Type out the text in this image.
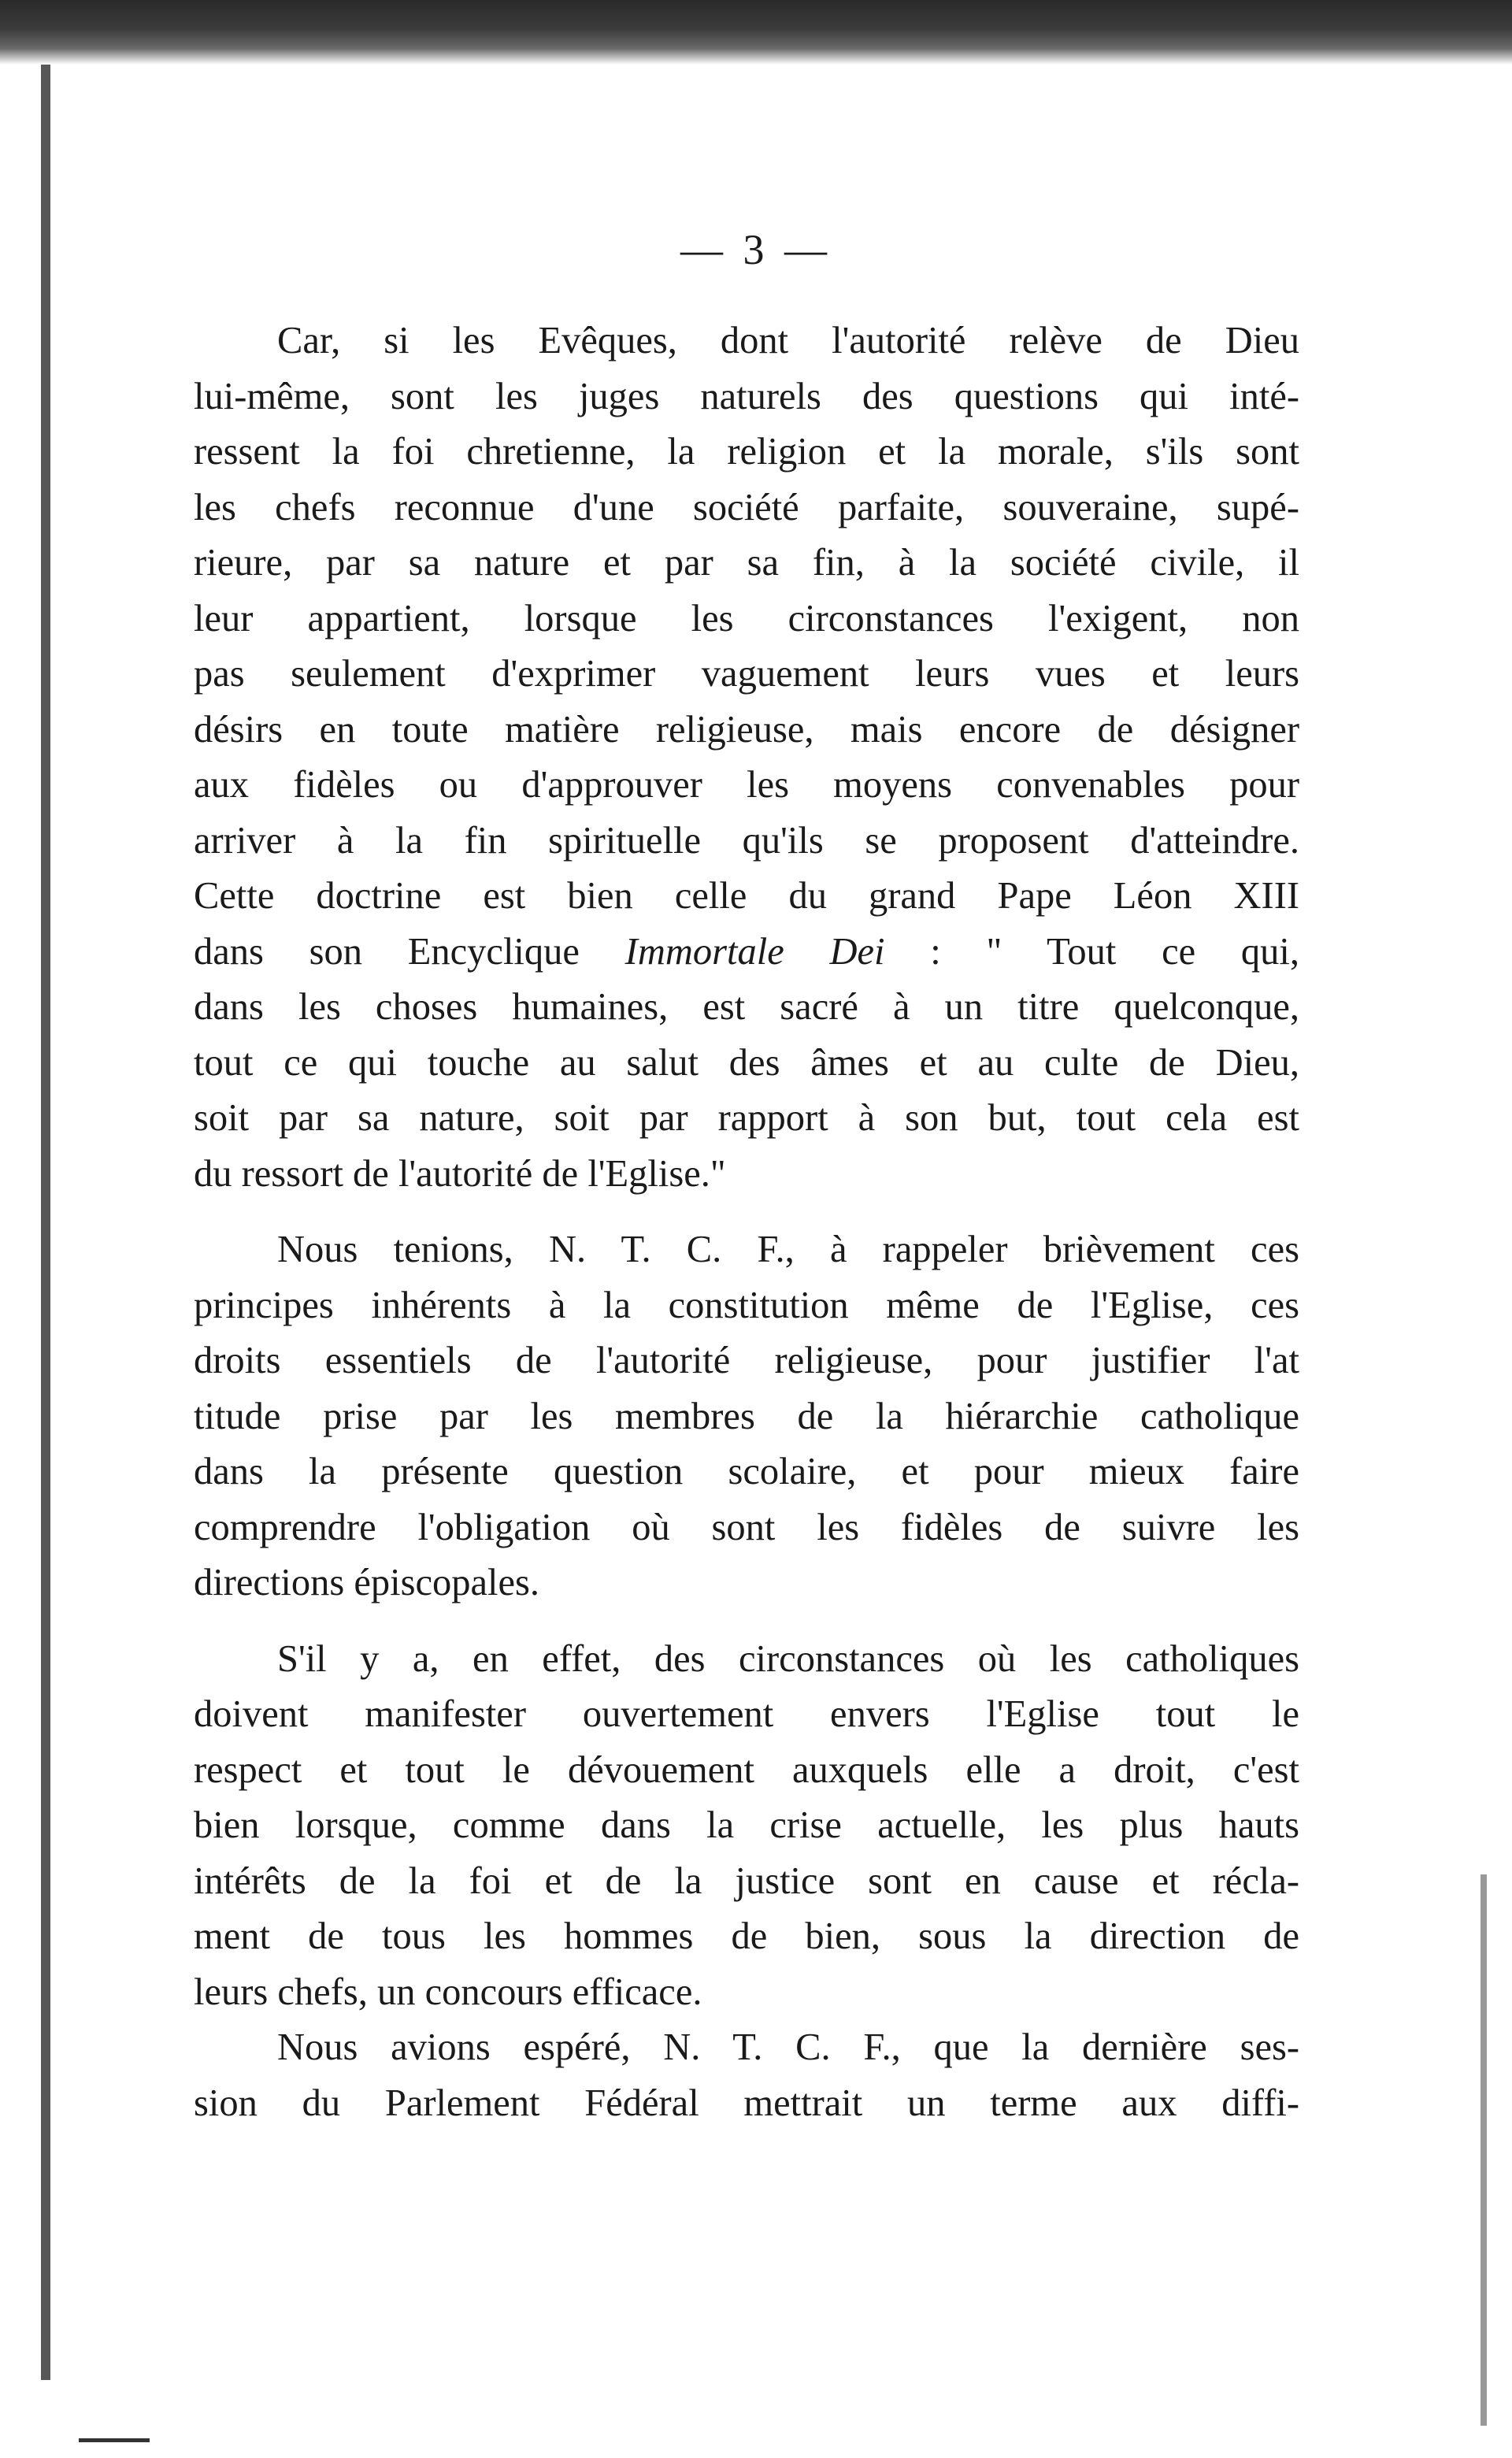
— 3 —
Car, si les Evêques, dont l'autorité relève de Dieu
lui-même, sont les juges naturels des questions qui inté-
ressent la foi chretienne, la religion et la morale, s'ils sont
les chefs reconnue d'une société parfaite, souveraine, supé-
rieure, par sa nature et par sa fin, à la société civile, il
leur appartient, lorsque les circonstances l'exigent, non
pas seulement d'exprimer vaguement leurs vues et leurs
désirs en toute matière religieuse, mais encore de désigner
aux fidèles ou d'approuver les moyens convenables pour
arriver à la fin spirituelle qu'ils se proposent d'atteindre.
Cette doctrine est bien celle du grand Pape Léon XIII
dans son Encyclique Immortale Dei : " Tout ce qui,
dans les choses humaines, est sacré à un titre quelconque,
tout ce qui touche au salut des âmes et au culte de Dieu,
soit par sa nature, soit par rapport à son but, tout cela est
du ressort de l'autorité de l'Eglise."
Nous tenions, N. T. C. F., à rappeler brièvement ces
principes inhérents à la constitution même de l'Eglise, ces
droits essentiels de l'autorité religieuse, pour justifier l'at
titude prise par les membres de la hiérarchie catholique
dans la présente question scolaire, et pour mieux faire
comprendre l'obligation où sont les fidèles de suivre les
directions épiscopales.
S'il y a, en effet, des circonstances où les catholiques
doivent manifester ouvertement envers l'Eglise tout le
respect et tout le dévouement auxquels elle a droit, c'est
bien lorsque, comme dans la crise actuelle, les plus hauts
intérêts de la foi et de la justice sont en cause et récla-
ment de tous les hommes de bien, sous la direction de
leurs chefs, un concours efficace.
Nous avions espéré, N. T. C. F., que la dernière ses-
sion du Parlement Fédéral mettrait un terme aux diffi-
